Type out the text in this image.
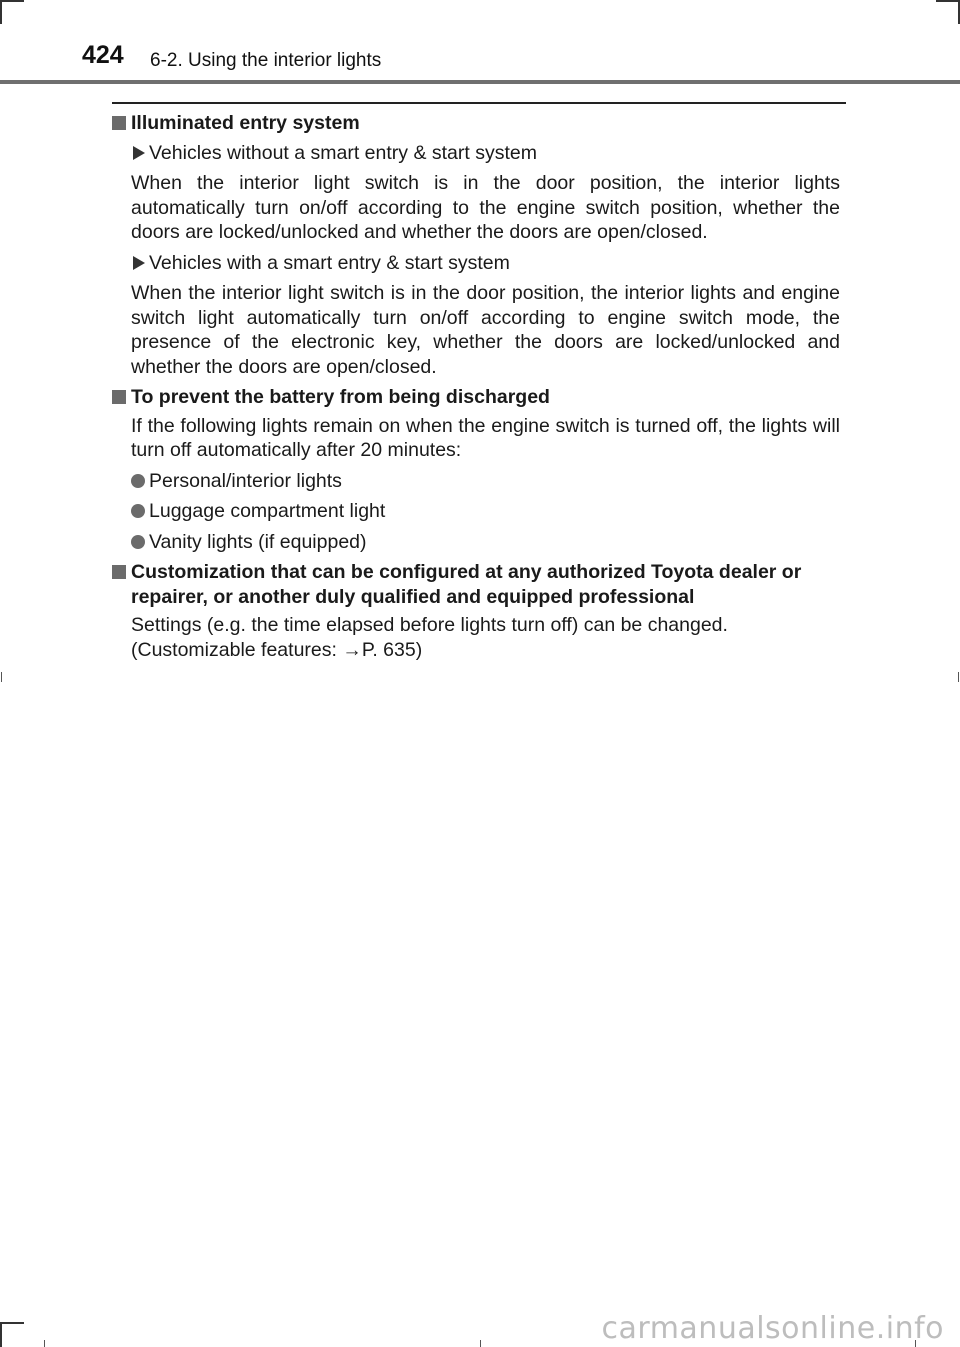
424 6-2. Using the interior lights
Illuminated entry system
Vehicles without a smart entry & start system
When the interior light switch is in the door position, the interior lights automatically turn on/off according to the engine switch position, whether the doors are locked/unlocked and whether the doors are open/closed.
Vehicles with a smart entry & start system
When the interior light switch is in the door position, the interior lights and engine switch light automatically turn on/off according to engine switch mode, the presence of the electronic key, whether the doors are locked/unlocked and whether the doors are open/closed.
To prevent the battery from being discharged
If the following lights remain on when the engine switch is turned off, the lights will turn off automatically after 20 minutes:
Personal/interior lights
Luggage compartment light
Vanity lights (if equipped)
Customization that can be configured at any authorized Toyota dealer or repairer, or another duly qualified and equipped professional
Settings (e.g. the time elapsed before lights turn off) can be changed.
(Customizable features: →P. 635)
carmanualsonline.info
